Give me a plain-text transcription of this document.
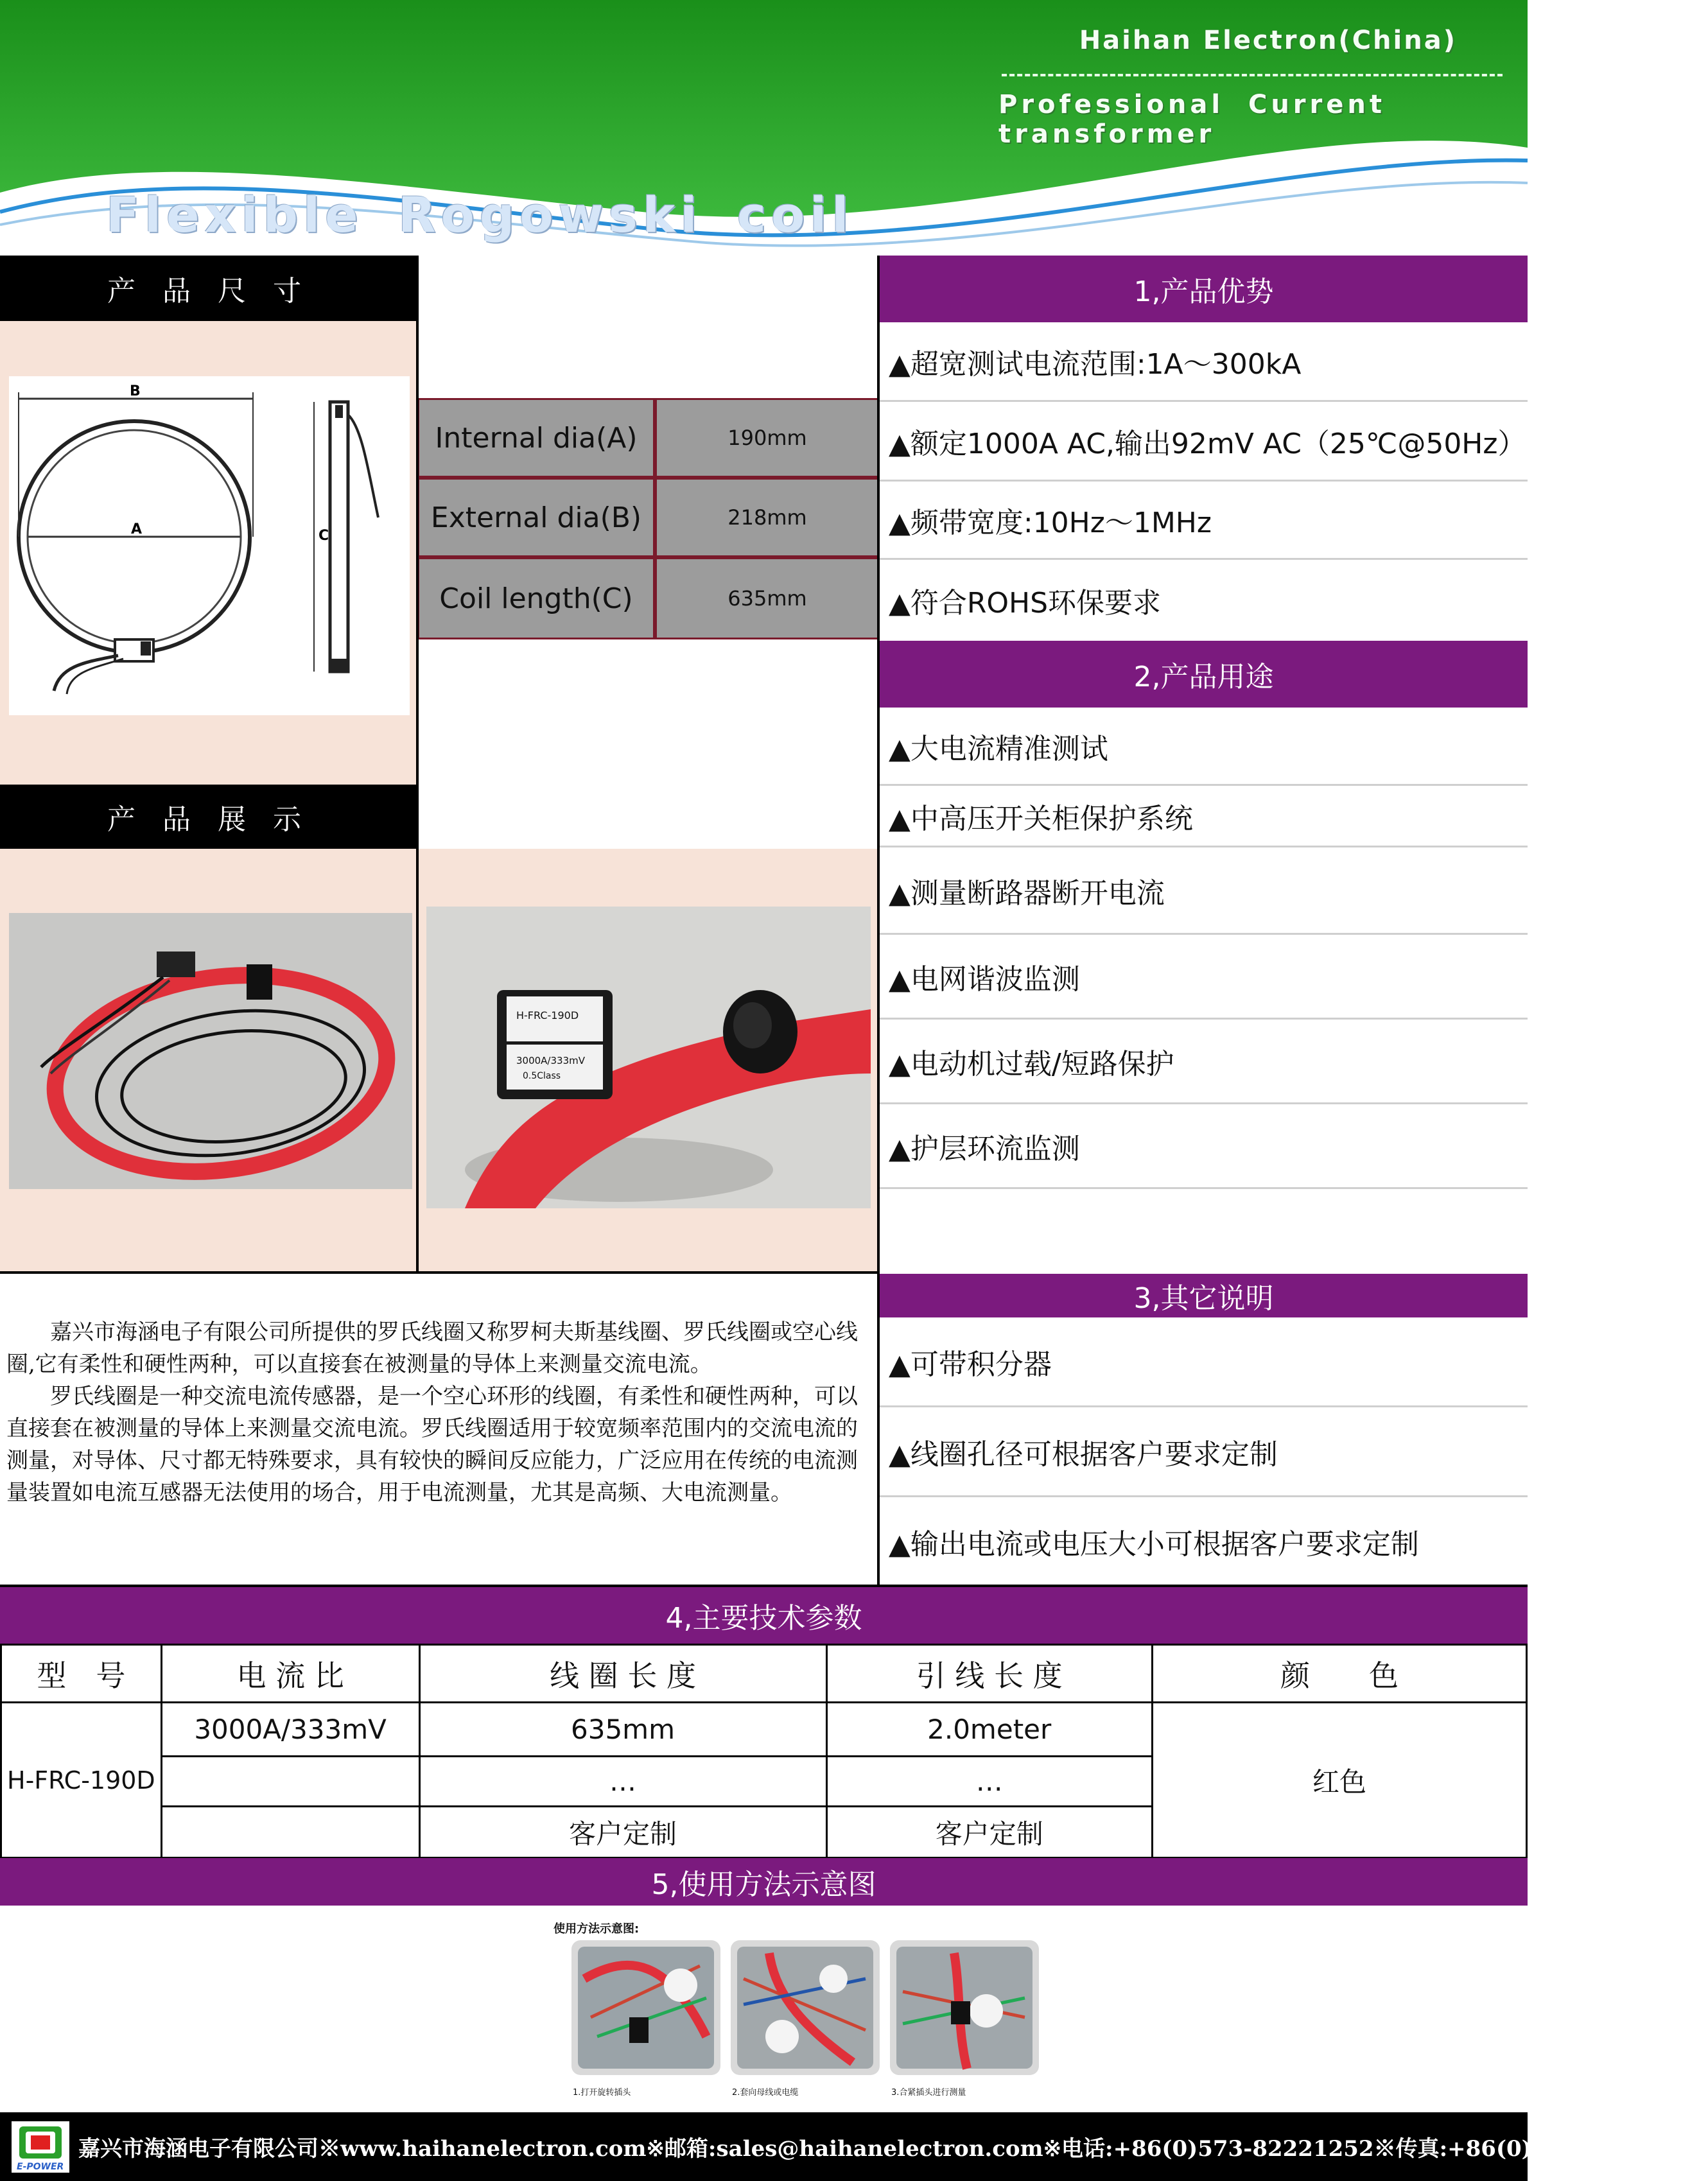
Haihan Electron(China)
Professional Current transformer
Flexible Rogowski coil
产 品 尺 寸
B
A	C
产 品 展 示
H-FRC-190D
3000A/333mV
0.5Class
Internal dia(A)	190mm
External dia(B)	218mm
Coil length(C)	635mm
1,产品优势
▲超宽测试电流范围:1A～300kA
▲额定1000A AC,输出92mV AC（25℃@50Hz）
▲频带宽度:10Hz～1MHz
▲符合ROHS环保要求
2,产品用途
▲大电流精准测试
▲中高压开关柜保护系统
▲测量断路器断开电流
▲电网谐波监测
▲电动机过载/短路保护
▲护层环流监测
3,其它说明
▲可带积分器
▲线圈孔径可根据客户要求定制
▲输出电流或电压大小可根据客户要求定制
　　嘉兴市海涵电子有限公司所提供的罗氏线圈又称罗柯夫斯基线圈、罗氏线圈或空心线圈,它有柔性和硬性两种，可以直接套在被测量的导体上来测量交流电流。
　　罗氏线圈是一种交流电流传感器，是一个空心环形的线圈，有柔性和硬性两种，可以直接套在被测量的导体上来测量交流电流。罗氏线圈适用于较宽频率范围内的交流电流的测量，对导体、尺寸都无特殊要求，具有较快的瞬间反应能力，广泛应用在传统的电流测量装置如电流互感器无法使用的场合，用于电流测量，尤其是高频、大电流测量。
4,主要技术参数
型　号	电 流 比	线 圈 长 度	引 线 长 度	颜　　色
H-FRC-190D	3000A/333mV	635mm	2.0meter	红色
		…	…	
		客户定制	客户定制	
5,使用方法示意图
使用方法示意图:
1.打开旋转插头	2.套向母线或电缆	3.合紧插头进行测量
E-POWER
嘉兴市海涵电子有限公司※www.haihanelectron.com※邮箱:sales@haihanelectron.com※电话:+86(0)573-82221252※传真:+86(0)573-82220773
